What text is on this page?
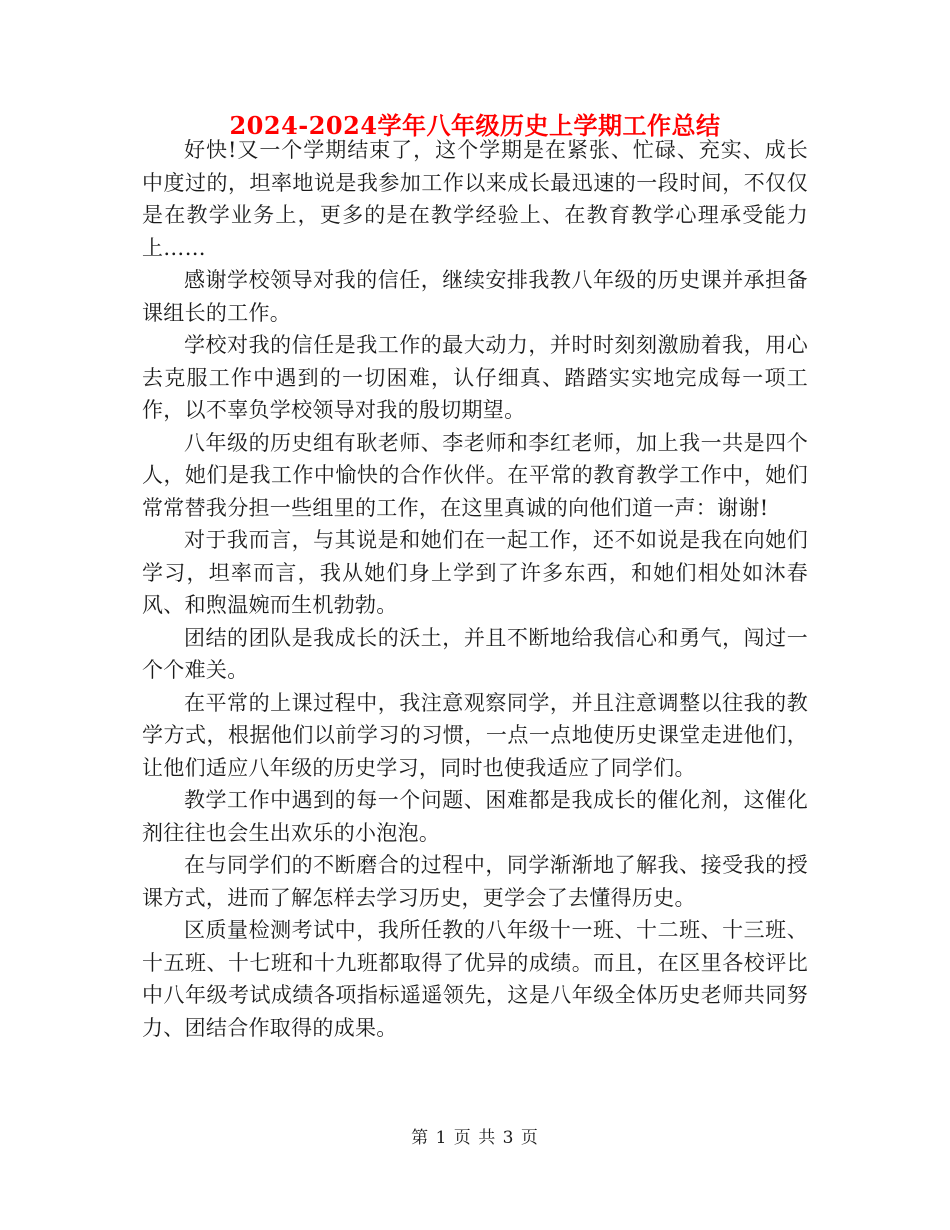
2024-2024学年八年级历史上学期工作总结

好快!又一个学期结束了，这个学期是在紧张、忙碌、充实、成长中度过的，坦率地说是我参加工作以来成长最迅速的一段时间，不仅仅是在教学业务上，更多的是在教学经验上、在教育教学心理承受能力上……

感谢学校领导对我的信任，继续安排我教八年级的历史课并承担备课组长的工作。

学校对我的信任是我工作的最大动力，并时时刻刻激励着我，用心去克服工作中遇到的一切困难，认仔细真、踏踏实实地完成每一项工作，以不辜负学校领导对我的殷切期望。

八年级的历史组有耿老师、李老师和李红老师，加上我一共是四个人，她们是我工作中愉快的合作伙伴。在平常的教育教学工作中，她们常常替我分担一些组里的工作，在这里真诚的向他们道一声：谢谢!

对于我而言，与其说是和她们在一起工作，还不如说是我在向她们学习，坦率而言，我从她们身上学到了许多东西，和她们相处如沐春风、和煦温婉而生机勃勃。

团结的团队是我成长的沃土，并且不断地给我信心和勇气，闯过一个个难关。

在平常的上课过程中，我注意观察同学，并且注意调整以往我的教学方式，根据他们以前学习的习惯，一点一点地使历史课堂走进他们，让他们适应八年级的历史学习，同时也使我适应了同学们。

教学工作中遇到的每一个问题、困难都是我成长的催化剂，这催化剂往往也会生出欢乐的小泡泡。

在与同学们的不断磨合的过程中，同学渐渐地了解我、接受我的授课方式，进而了解怎样去学习历史，更学会了去懂得历史。

区质量检测考试中，我所任教的八年级十一班、十二班、十三班、十五班、十七班和十九班都取得了优异的成绩。而且，在区里各校评比中八年级考试成绩各项指标遥遥领先，这是八年级全体历史老师共同努力、团结合作取得的成果。

第 1 页 共 3 页
